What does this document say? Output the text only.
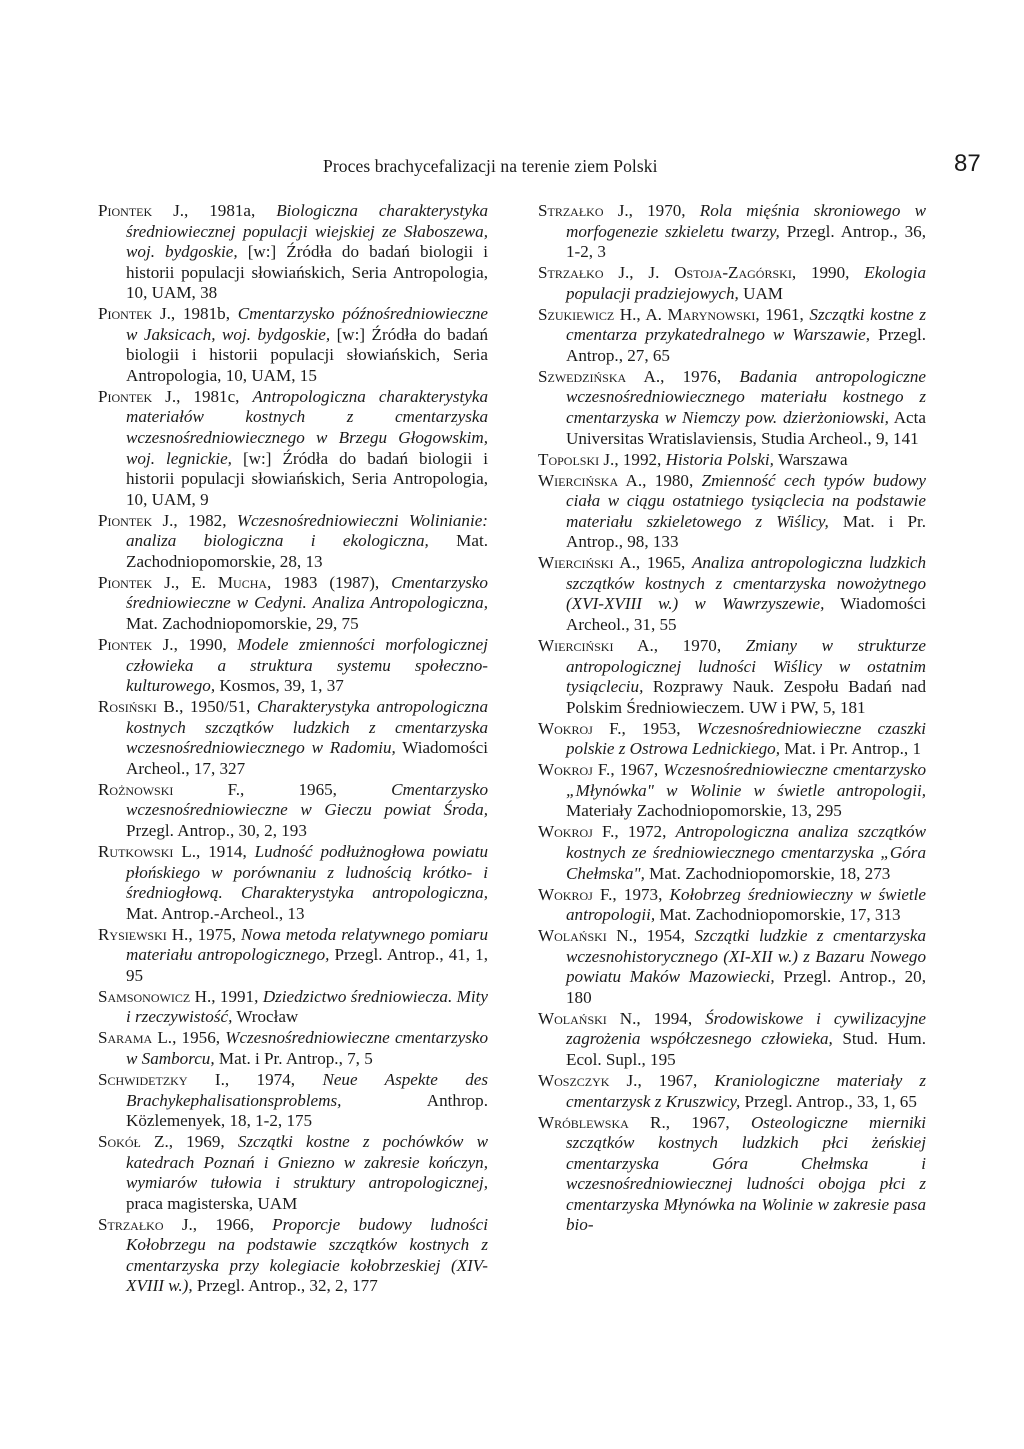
Proces brachycefalizacji na terenie ziem Polski	87

Piontek J., 1981a, Biologiczna charakterystyka średniowiecznej populacji wiejskiej ze Słaboszewa, woj. bydgoskie, [w:] Źródła do badań biologii i historii populacji słowiańskich, Seria Antropologia, 10, UAM, 38

Piontek J., 1981b, Cmentarzysko późnośredniowieczne w Jaksicach, woj. bydgoskie, [w:] Źródła do badań biologii i historii populacji słowiańskich, Seria Antropologia, 10, UAM, 15

Piontek J., 1981c, Antropologiczna charakterystyka materiałów kostnych z cmentarzyska wczesnośredniowiecznego w Brzegu Głogowskim, woj. legnickie, [w:] Źródła do badań biologii i historii populacji słowiańskich, Seria Antropologia, 10, UAM, 9

Piontek J., 1982, Wczesnośredniowieczni Wolinianie: analiza biologiczna i ekologiczna, Mat. Zachodniopomorskie, 28, 13

Piontek J., E. Mucha, 1983 (1987), Cmentarzysko średniowieczne w Cedyni. Analiza Antropologiczna, Mat. Zachodniopomorskie, 29, 75

Piontek J., 1990, Modele zmienności morfologicznej człowieka a struktura systemu społeczno-kulturowego, Kosmos, 39, 1, 37

Rosiński B., 1950/51, Charakterystyka antropologiczna kostnych szczątków ludzkich z cmentarzyska wczesnośredniowiecznego w Radomiu, Wiadomości Archeol., 17, 327

Rożnowski F., 1965, Cmentarzysko wczesnośredniowieczne w Gieczu powiat Środa, Przegl. Antrop., 30, 2, 193

Rutkowski L., 1914, Ludność podłużnogłowa powiatu płońskiego w porównaniu z ludnością krótko- i średniogłową. Charakterystyka antropologiczna, Mat. Antrop.-Archeol., 13

Rysiewski H., 1975, Nowa metoda relatywnego pomiaru materiału antropologicznego, Przegl. Antrop., 41, 1, 95

Samsonowicz H., 1991, Dziedzictwo średniowiecza. Mity i rzeczywistość, Wrocław

Sarama L., 1956, Wczesnośredniowieczne cmentarzysko w Samborcu, Mat. i Pr. Antrop., 7, 5

Schwidetzky I., 1974, Neue Aspekte des Brachykephalisationsproblems, Anthrop. Közlemenyek, 18, 1-2, 175

Sokół Z., 1969, Szczątki kostne z pochówków w katedrach Poznań i Gniezno w zakresie kończyn, wymiarów tułowia i struktury antropologicznej, praca magisterska, UAM

Strzałko J., 1966, Proporcje budowy ludności Kołobrzegu na podstawie szczątków kostnych z cmentarzyska przy kolegiacie kołobrzeskiej (XIV-XVIII w.), Przegl. Antrop., 32, 2, 177

Strzałko J., 1970, Rola mięśnia skroniowego w morfogenezie szkieletu twarzy, Przegl. Antrop., 36, 1-2, 3

Strzałko J., J. Ostoja-Zagórski, 1990, Ekologia populacji pradziejowych, UAM

Szukiewicz H., A. Marynowski, 1961, Szczątki kostne z cmentarza przykatedralnego w Warszawie, Przegl. Antrop., 27, 65

Szwedzińska A., 1976, Badania antropologiczne wczesnośredniowiecznego materiału kostnego z cmentarzyska w Niemczy pow. dzierżoniowski, Acta Universitas Wratislaviensis, Studia Archeol., 9, 141

Topolski J., 1992, Historia Polski, Warszawa

Wiercińska A., 1980, Zmienność cech typów budowy ciała w ciągu ostatniego tysiąclecia na podstawie materiału szkieletowego z Wiślicy, Mat. i Pr. Antrop., 98, 133

Wierciński A., 1965, Analiza antropologiczna ludzkich szczątków kostnych z cmentarzyska nowożytnego (XVI-XVIII w.) w Wawrzyszewie, Wiadomości Archeol., 31, 55

Wierciński A., 1970, Zmiany w strukturze antropologicznej ludności Wiślicy w ostatnim tysiącleciu, Rozprawy Nauk. Zespołu Badań nad Polskim Średniowieczem. UW i PW, 5, 181

Wokroj F., 1953, Wczesnośredniowieczne czaszki polskie z Ostrowa Lednickiego, Mat. i Pr. Antrop., 1

Wokroj F., 1967, Wczesnośredniowieczne cmentarzysko „Młynówka" w Wolinie w świetle antropologii, Materiały Zachodniopomorskie, 13, 295

Wokroj F., 1972, Antropologiczna analiza szczątków kostnych ze średniowiecznego cmentarzyska „Góra Chełmska", Mat. Zachodniopomorskie, 18, 273

Wokroj F., 1973, Kołobrzeg średniowieczny w świetle antropologii, Mat. Zachodniopomorskie, 17, 313

Wolański N., 1954, Szczątki ludzkie z cmentarzyska wczesnohistorycznego (XI-XII w.) z Bazaru Nowego powiatu Maków Mazowiecki, Przegl. Antrop., 20, 180

Wolański N., 1994, Środowiskowe i cywilizacyjne zagrożenia współczesnego człowieka, Stud. Hum. Ecol. Supl., 195

Woszczyk J., 1967, Kraniologiczne materiały z cmentarzysk z Kruszwicy, Przegl. Antrop., 33, 1, 65

Wróblewska R., 1967, Osteologiczne mierniki szczątków kostnych ludzkich płci żeńskiej cmentarzyska Góra Chełmska i wczesnośredniowiecznej ludności obojga płci z cmentarzyska Młynówka na Wolinie w zakresie pasa bio-
